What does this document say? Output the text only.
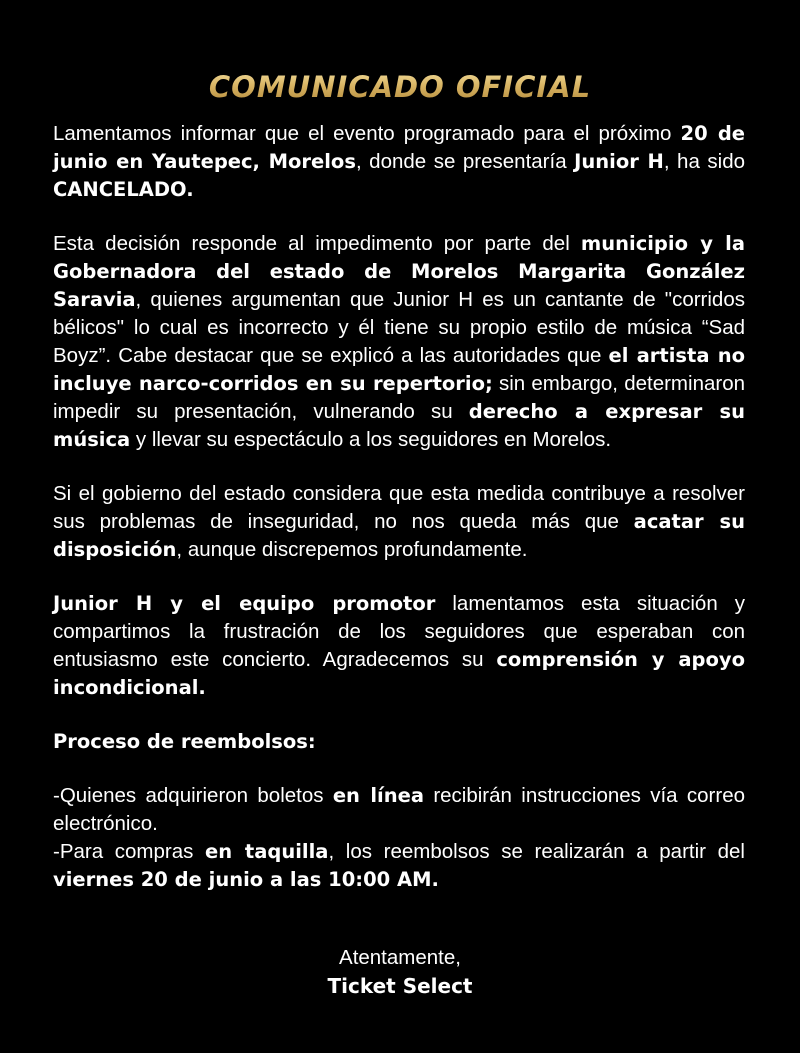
COMUNICADO OFICIAL

Lamentamos informar que el evento programado para el próximo 20 de junio en Yautepec, Morelos, donde se presentaría Junior H, ha sido CANCELADO.

Esta decisión responde al impedimento por parte del municipio y la Gobernadora del estado de Morelos Margarita González Saravia, quienes argumentan que Junior H es un cantante de "corridos bélicos" lo cual es incorrecto y él tiene su propio estilo de música “Sad Boyz”. Cabe destacar que se explicó a las autoridades que el artista no incluye narco-corridos en su repertorio; sin embargo, determinaron impedir su presentación, vulnerando su derecho a expresar su música y llevar su espectáculo a los seguidores en Morelos.

Si el gobierno del estado considera que esta medida contribuye a resolver sus problemas de inseguridad, no nos queda más que acatar su disposición, aunque discrepemos profundamente.

Junior H y el equipo promotor lamentamos esta situación y compartimos la frustración de los seguidores que esperaban con entusiasmo este concierto. Agradecemos su comprensión y apoyo incondicional.

Proceso de reembolsos:

-Quienes adquirieron boletos en línea recibirán instrucciones vía correo electrónico.

-Para compras en taquilla, los reembolsos se realizarán a partir del viernes 20 de junio a las 10:00 AM.

Atentamente,
Ticket Select
